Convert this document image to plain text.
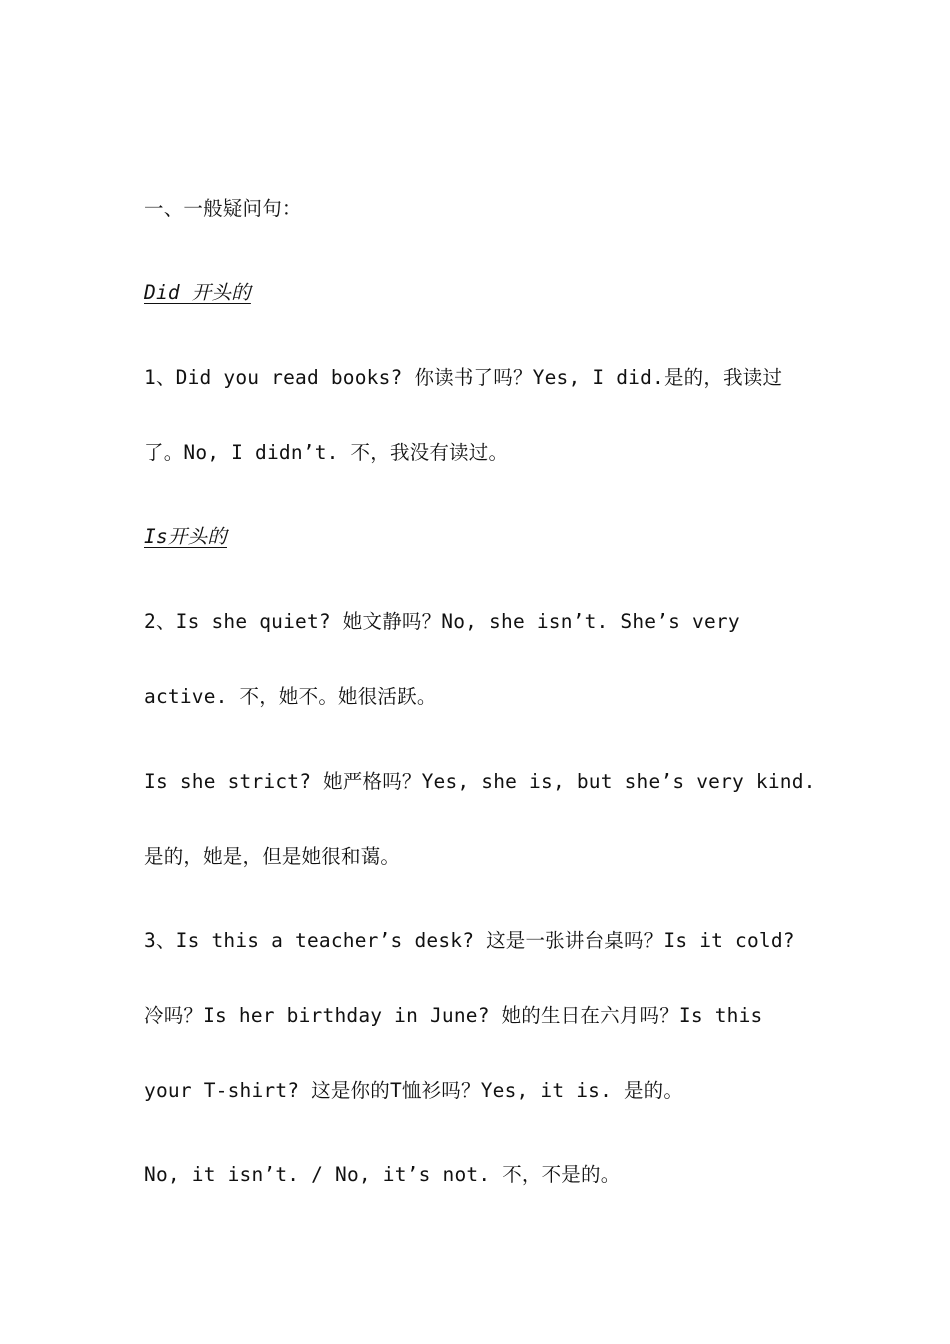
一、一般疑问句：
Did 开头的
1、Did you read books? 你读书了吗？Yes, I did.是的，我读过
了。No, I didn’t. 不，我没有读过。
Is开头的
2、Is she quiet? 她文静吗？No, she isn’t. She’s very
active. 不，她不。她很活跃。
Is she strict? 她严格吗？Yes, she is, but she’s very kind.
是的，她是，但是她很和蔼。
3、Is this a teacher’s desk? 这是一张讲台桌吗？Is it cold?
冷吗？Is her birthday in June? 她的生日在六月吗？Is this
your T-shirt? 这是你的T恤衫吗？Yes, it is. 是的。
No, it isn’t. / No, it’s not. 不，不是的。
